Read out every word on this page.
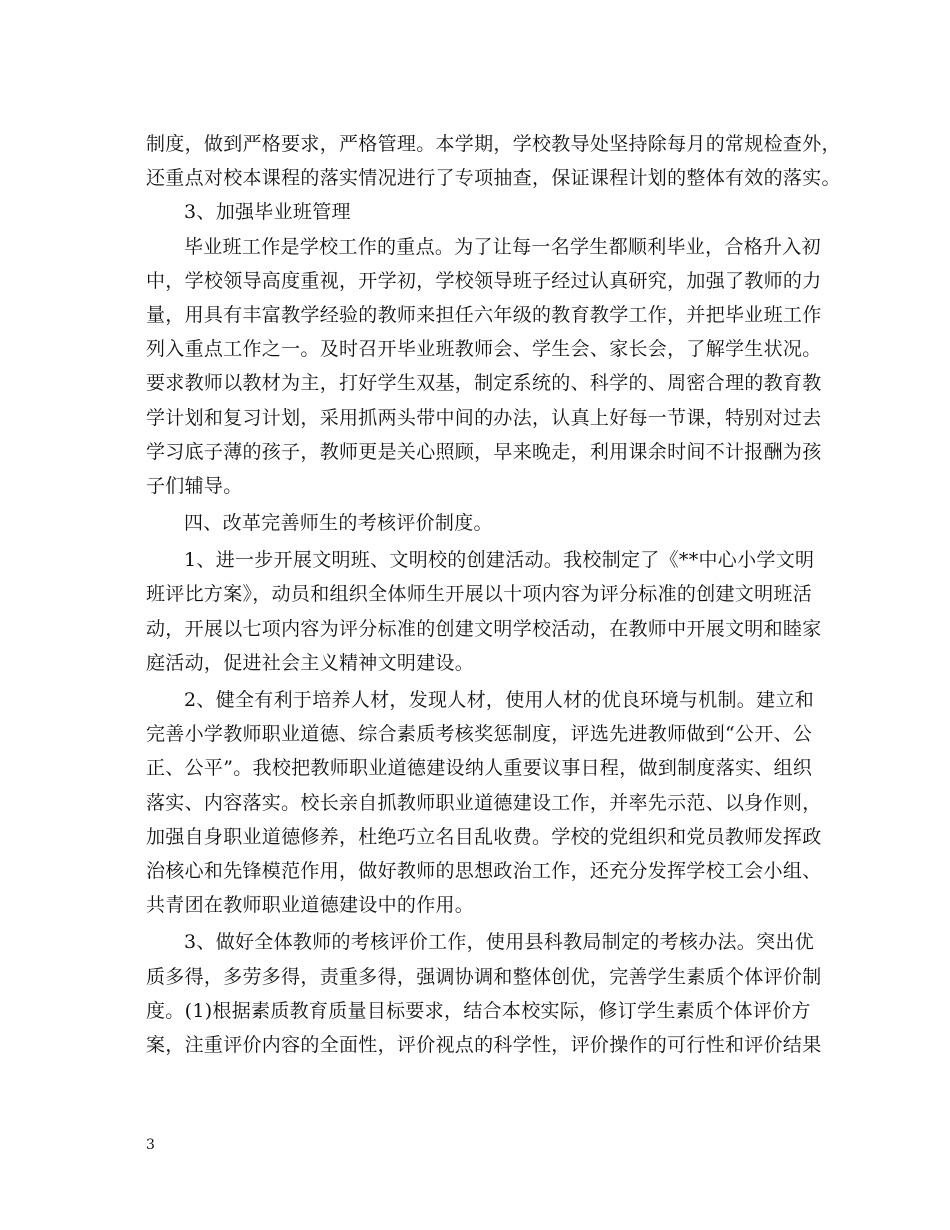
制度，做到严格要求，严格管理。本学期，学校教导处坚持除每月的常规检查外，
还重点对校本课程的落实情况进行了专项抽查，保证课程计划的整体有效的落实。
3、加强毕业班管理
毕业班工作是学校工作的重点。为了让每一名学生都顺利毕业，合格升入初
中，学校领导高度重视，开学初，学校领导班子经过认真研究，加强了教师的力
量，用具有丰富教学经验的教师来担任六年级的教育教学工作，并把毕业班工作
列入重点工作之一。及时召开毕业班教师会、学生会、家长会，了解学生状况。
要求教师以教材为主，打好学生双基，制定系统的、科学的、周密合理的教育教
学计划和复习计划，采用抓两头带中间的办法，认真上好每一节课，特别对过去
学习底子薄的孩子，教师更是关心照顾，早来晚走，利用课余时间不计报酬为孩
子们辅导。
四、改革完善师生的考核评价制度。
1、进一步开展文明班、文明校的创建活动。我校制定了《**中心小学文明
班评比方案》，动员和组织全体师生开展以十项内容为评分标准的创建文明班活
动，开展以七项内容为评分标准的创建文明学校活动，在教师中开展文明和睦家
庭活动，促进社会主义精神文明建设。
2、健全有利于培养人材，发现人材，使用人材的优良环境与机制。建立和
完善小学教师职业道德、综合素质考核奖惩制度，评选先进教师做到“公开、公
正、公平”。我校把教师职业道德建设纳人重要议事日程，做到制度落实、组织
落实、内容落实。校长亲自抓教师职业道德建设工作，并率先示范、以身作则，
加强自身职业道德修养，杜绝巧立名目乱收费。学校的党组织和党员教师发挥政
治核心和先锋模范作用，做好教师的思想政治工作，还充分发挥学校工会小组、
共青团在教师职业道德建设中的作用。
3、做好全体教师的考核评价工作，使用县科教局制定的考核办法。突出优
质多得，多劳多得，责重多得，强调协调和整体创优，完善学生素质个体评价制
度。(1)根据素质教育质量目标要求，结合本校实际，修订学生素质个体评价方
案，注重评价内容的全面性，评价视点的科学性，评价操作的可行性和评价结果
3
